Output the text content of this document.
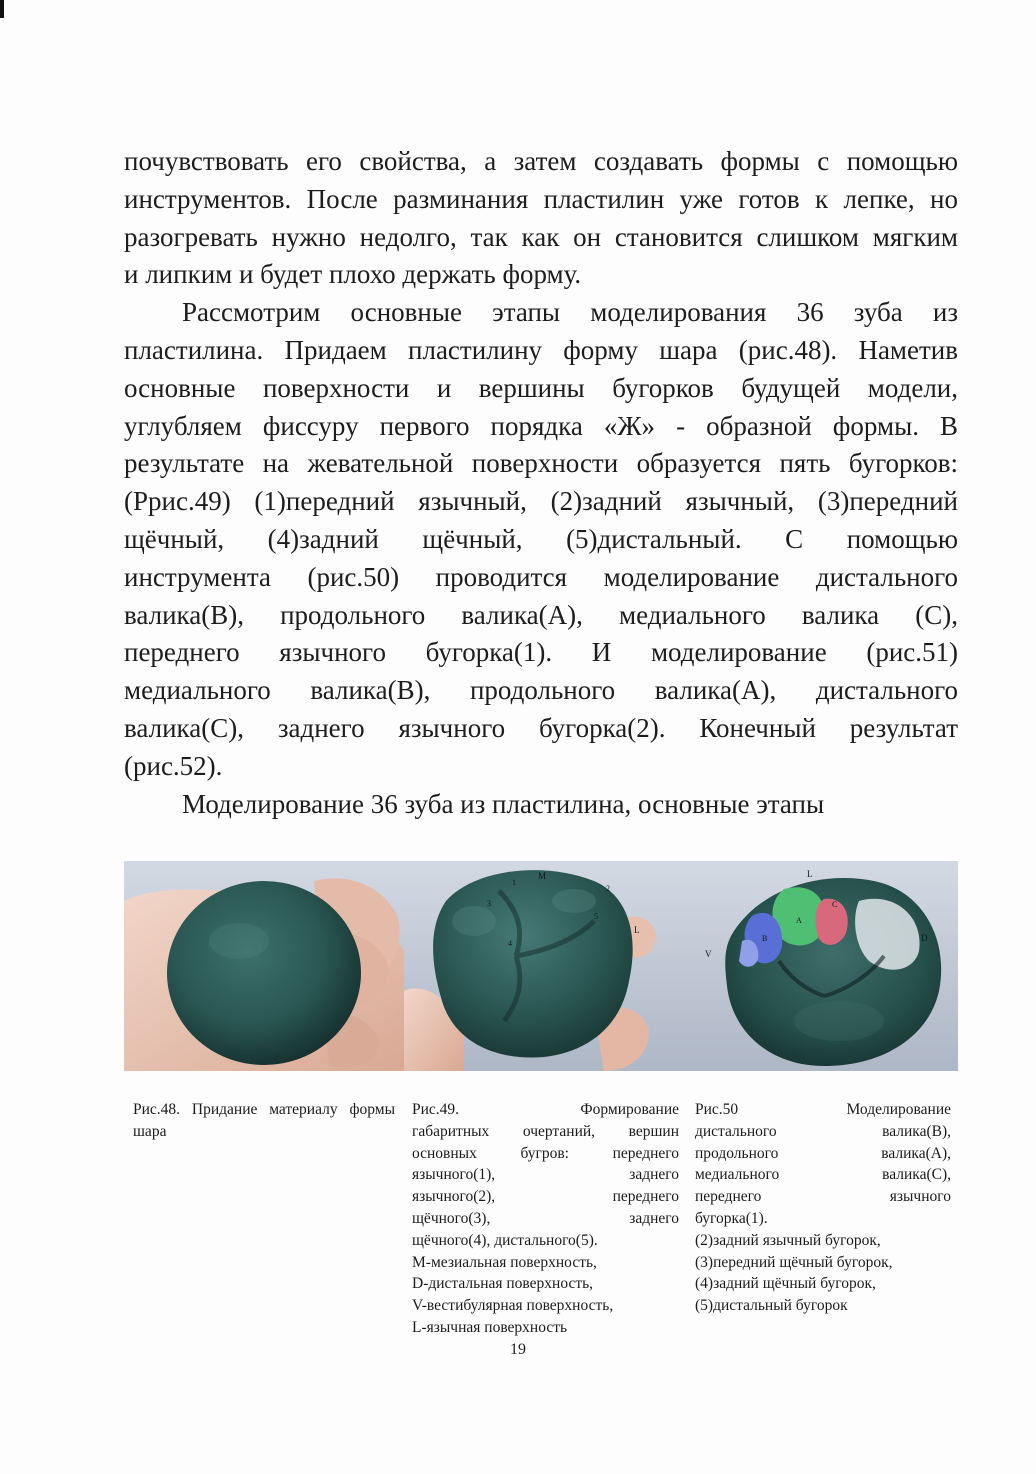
почувствовать его свойства, а затем создавать формы с помощью

инструментов. После разминания пластилин уже готов к лепке, но

разогревать нужно недолго, так как он становится слишком мягким

и липким и будет плохо держать форму.

Рассмотрим основные этапы моделирования 36 зуба из

пластилина. Придаем пластилину форму шара (рис.48). Наметив

основные поверхности и вершины бугорков будущей модели,

углубляем фиссуру первого порядка «Ж» - образной формы. В

результате на жевательной поверхности образуется пять бугорков:

(Ррис.49) (1)передний язычный, (2)задний язычный, (3)передний

щёчный, (4)задний щёчный, (5)дистальный. С помощью

инструмента (рис.50) проводится моделирование дистального

валика(В), продольного валика(А), медиального валика (С),

переднего язычного бугорка(1). И моделирование (рис.51)

медиального валика(В), продольного валика(А), дистального

валика(С), заднего язычного бугорка(2). Конечный результат

(рис.52).

Моделирование 36 зуба из пластилина, основные этапы
M
1
3
2
4
5
L
L
C
V
D
A
B

Рис.48. Придание материалу формы шара

Рис.49. Формирование

габаритных очертаний, вершин

основных бугров: переднего

язычного(1), заднего

язычного(2), переднего

щёчного(3), заднего

щёчного(4), дистального(5).

М-мезиальная поверхность,

D-дистальная поверхность,

V-вестибулярная поверхность,

L-язычная поверхность

Рис.50 Моделирование

дистального валика(В),

продольного валика(А),

медиального валика(С),

переднего язычного

бугорка(1).

(2)задний язычный бугорок,

(3)передний щёчный бугорок,

(4)задний щёчный бугорок,

(5)дистальный бугорок

19
